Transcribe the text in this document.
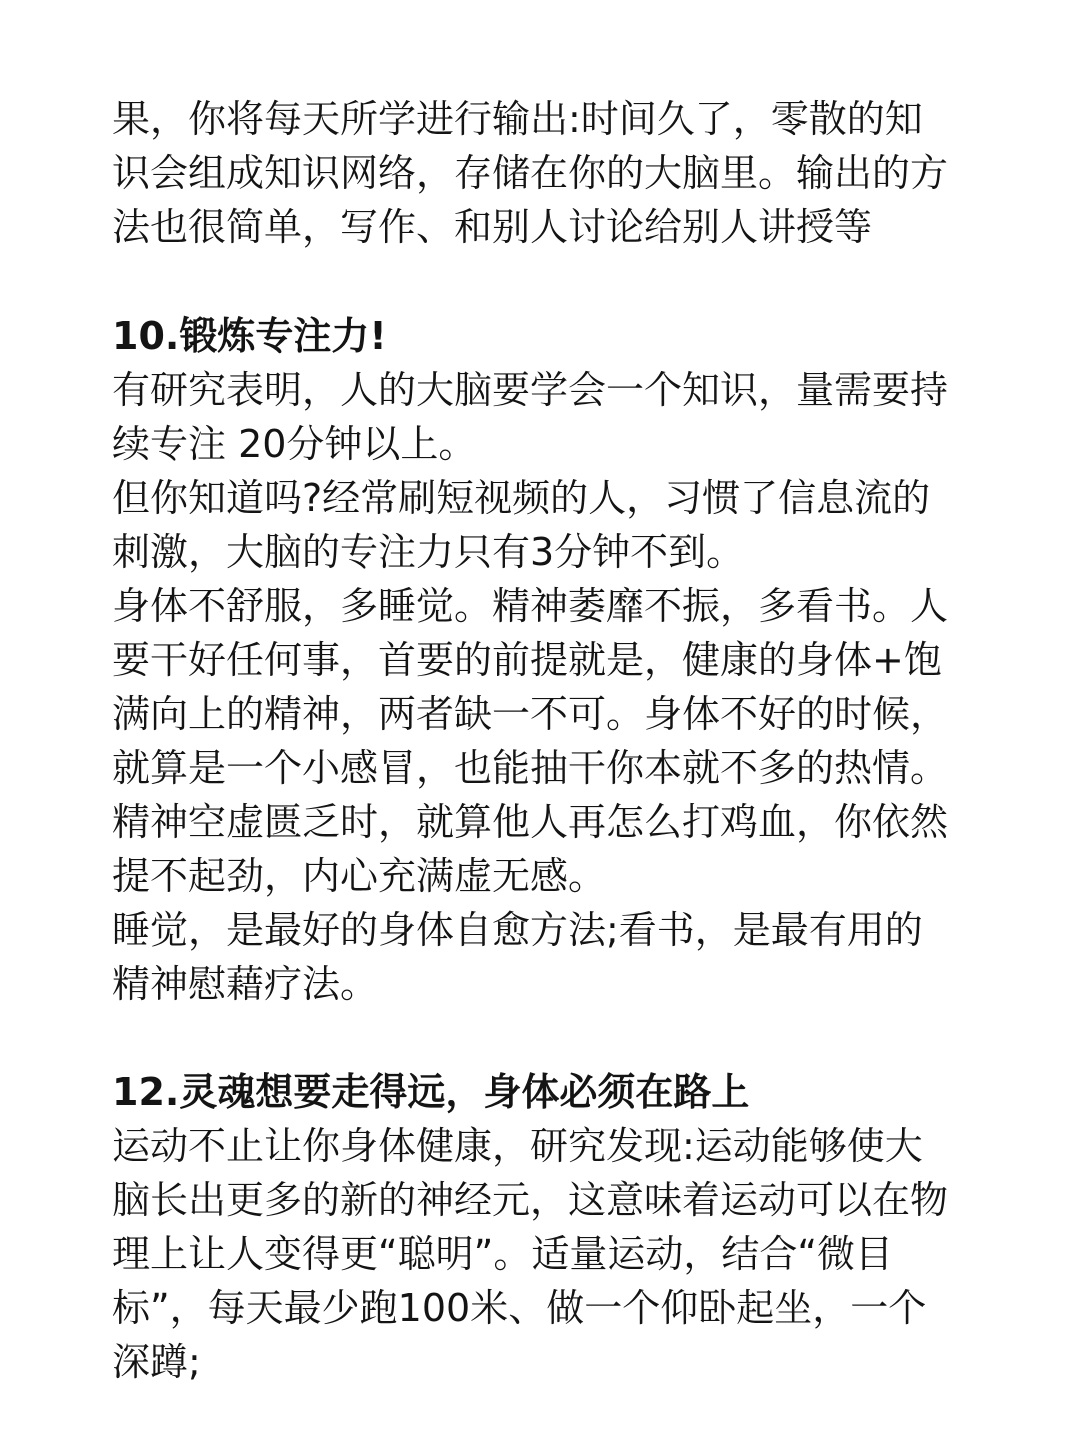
果，你将每天所学进行输出:时间久了，零散的知
识会组成知识网络，存储在你的大脑里。输出的方
法也很简单，写作、和别人讨论给别人讲授等
10.锻炼专注力!
有研究表明，人的大脑要学会一个知识，量需要持
续专注 20分钟以上。
但你知道吗?经常刷短视频的人，习惯了信息流的
刺激，大脑的专注力只有3分钟不到。
身体不舒服，多睡觉。精神萎靡不振，多看书。人
要干好任何事，首要的前提就是，健康的身体+饱
满向上的精神，两者缺一不可。身体不好的时候，
就算是一个小感冒，也能抽干你本就不多的热情。
精神空虚匮乏时，就算他人再怎么打鸡血，你依然
提不起劲，内心充满虚无感。
睡觉，是最好的身体自愈方法;看书，是最有用的
精神慰藉疗法。
12.灵魂想要走得远，身体必须在路上
运动不止让你身体健康，研究发现:运动能够使大
脑长出更多的新的神经元，这意味着运动可以在物
理上让人变得更“聪明”。适量运动，结合“微目
标”，每天最少跑100米、做一个仰卧起坐，一个
深蹲;
